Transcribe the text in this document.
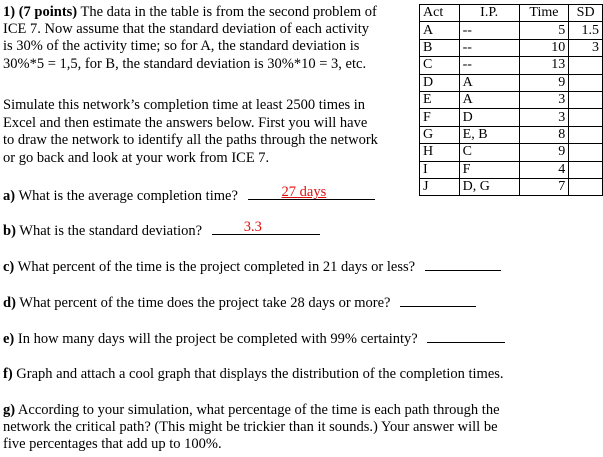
1) (7 points) The data in the table is from the second problem of
ICE 7. Now assume that the standard deviation of each activity
is 30% of the activity time; so for A, the standard deviation is
30%*5 = 1,5, for B, the standard deviation is 30%*10 = 3, etc.
Simulate this network’s completion time at least 2500 times in
Excel and then estimate the answers below. First you will have
to draw the network to identify all the paths through the network
or go back and look at your work from ICE 7.
Act	I.P.	Time	SD
A	--	5	1.5
B	--	10	3
C	--	13	
D	A	9	
E	A	3	
F	D	3	
G	E, B	8	
H	C	9	
I	F	4	
J	D, G	7	
a) What is the average completion time?	27 days
b) What is the standard deviation?	3.3
c) What percent of the time is the project completed in 21 days or less?
d) What percent of the time does the project take 28 days or more?
e) In how many days will the project be completed with 99% certainty?
f) Graph and attach a cool graph that displays the distribution of the completion times.
g) According to your simulation, what percentage of the time is each path through the
network the critical path? (This might be trickier than it sounds.) Your answer will be
five percentages that add up to 100%.
